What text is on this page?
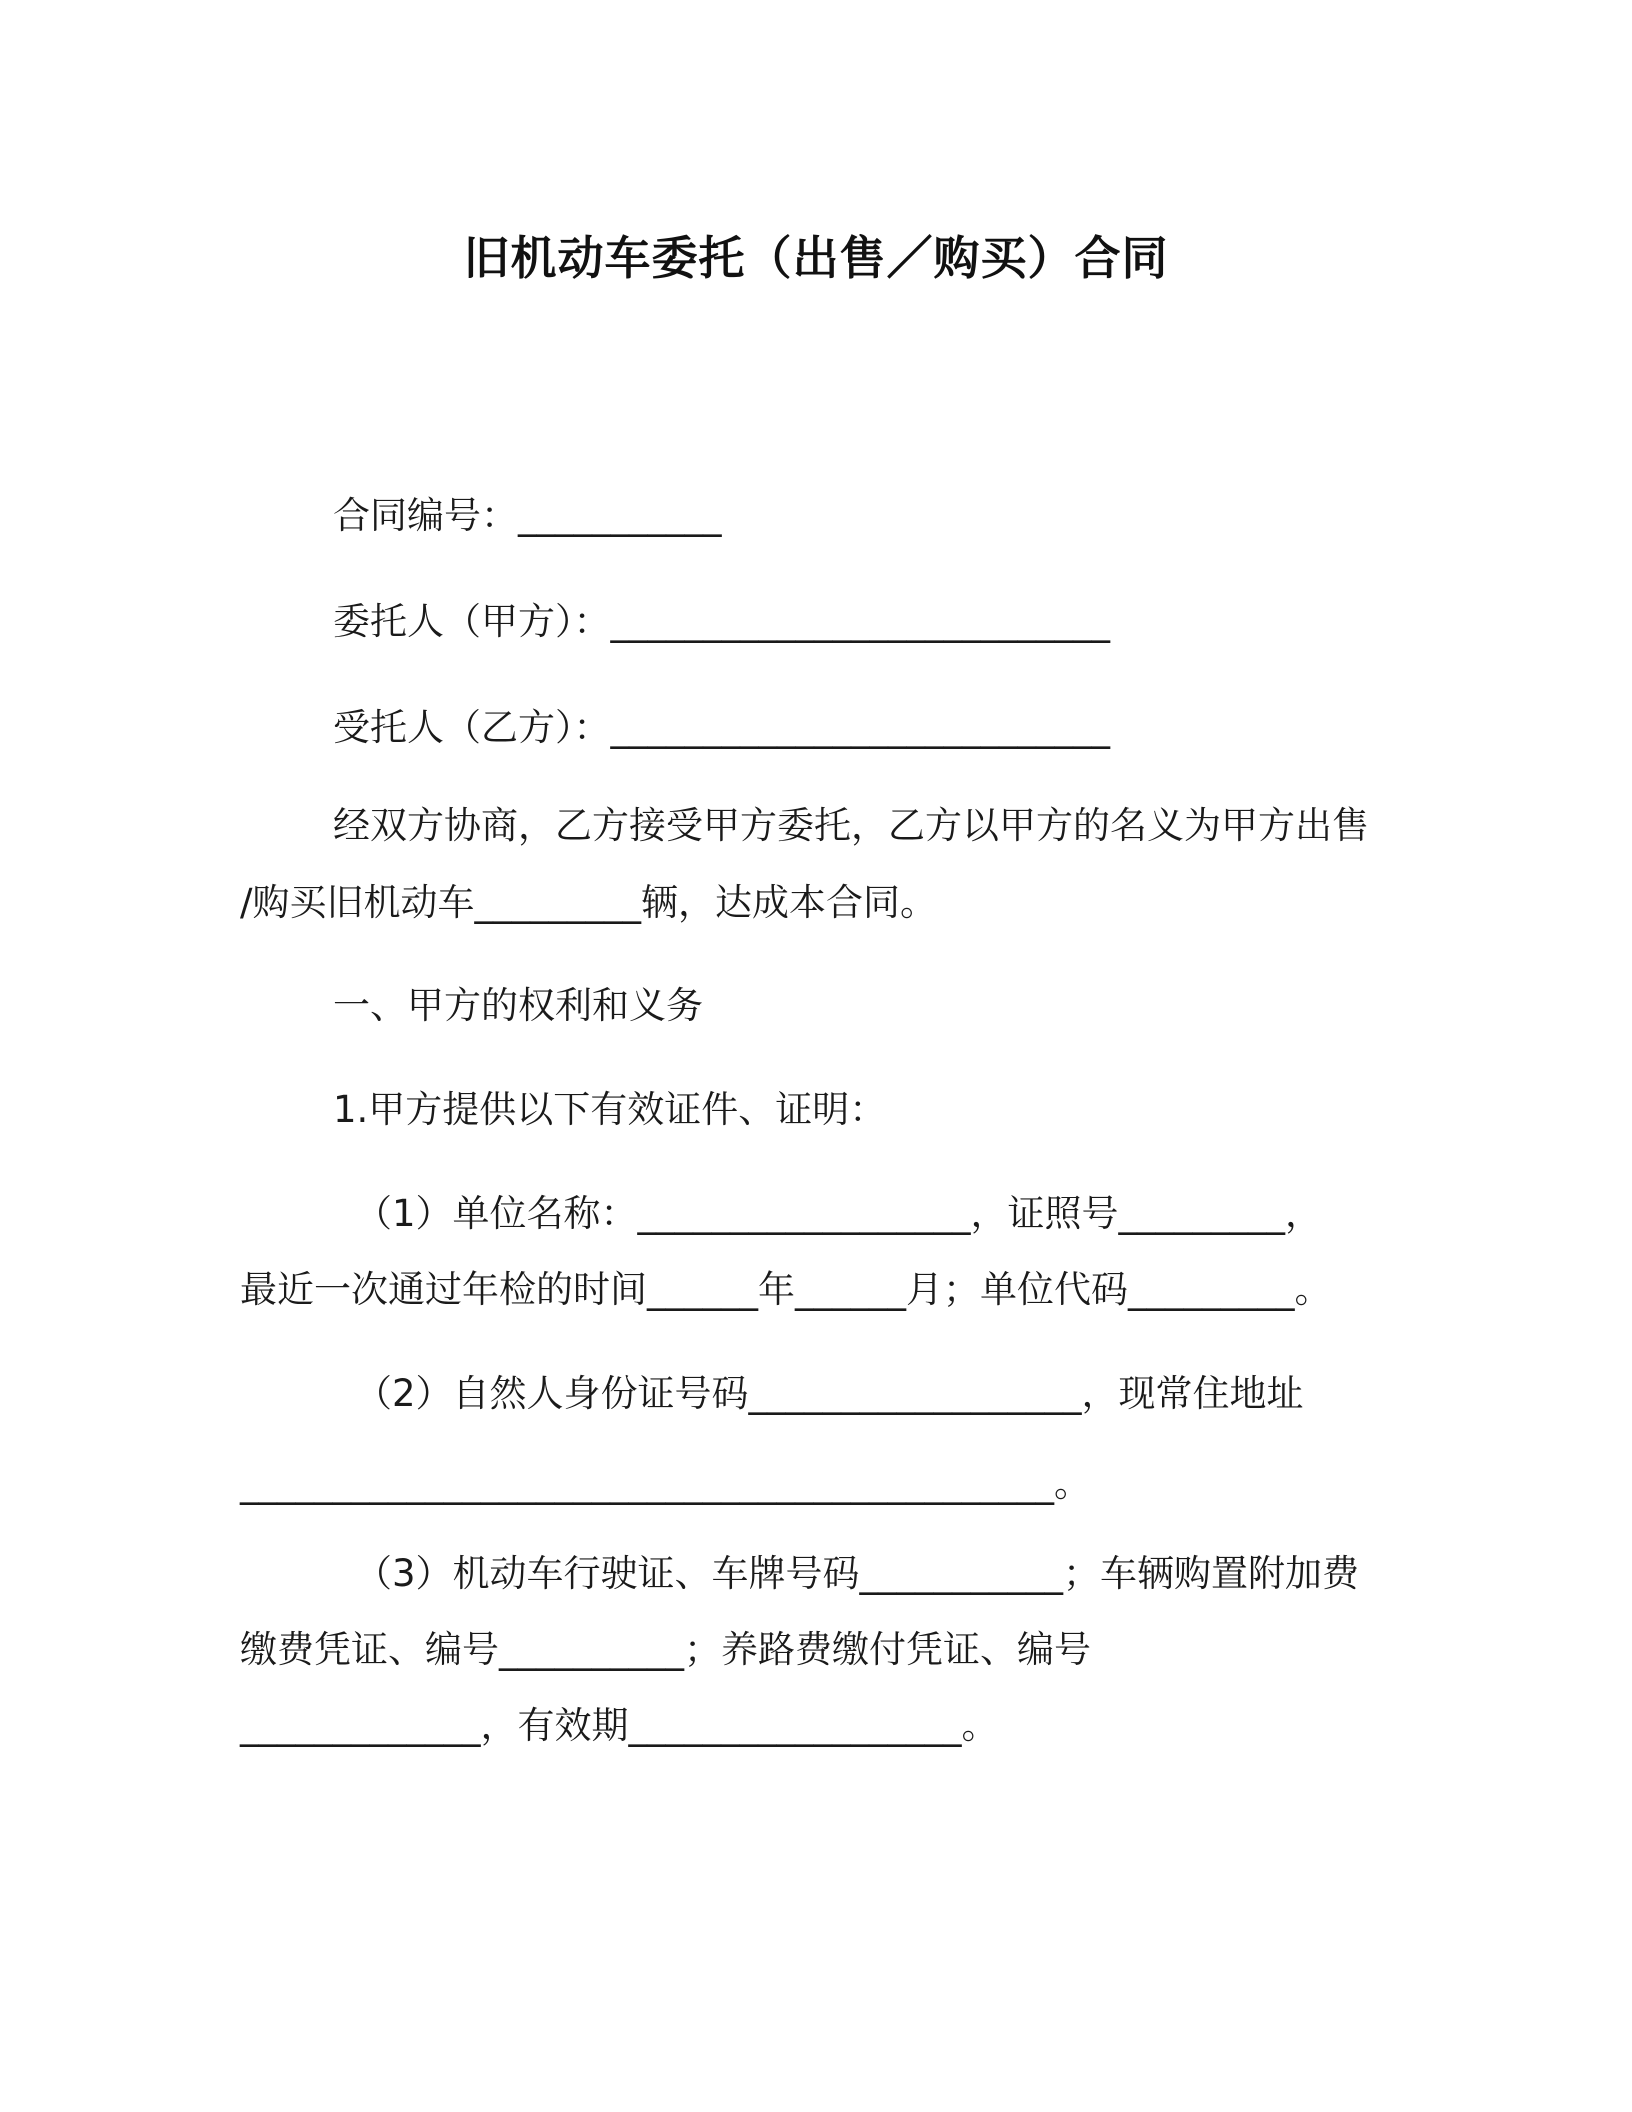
旧机动车委托（出售／购买）合同
合同编号：___________
委托人（甲方）：___________________________
受托人（乙方）：___________________________
经双方协商，乙方接受甲方委托，乙方以甲方的名义为甲方出售
/购买旧机动车_________辆，达成本合同。
一、甲方的权利和义务
1.甲方提供以下有效证件、证明：
（1）单位名称：__________________，证照号_________，
最近一次通过年检的时间______年______月；单位代码_________。
（2）自然人身份证号码__________________，现常住地址
____________________________________________。
（3）机动车行驶证、车牌号码___________；车辆购置附加费
缴费凭证、编号__________；养路费缴付凭证、编号
_____________，有效期__________________。
